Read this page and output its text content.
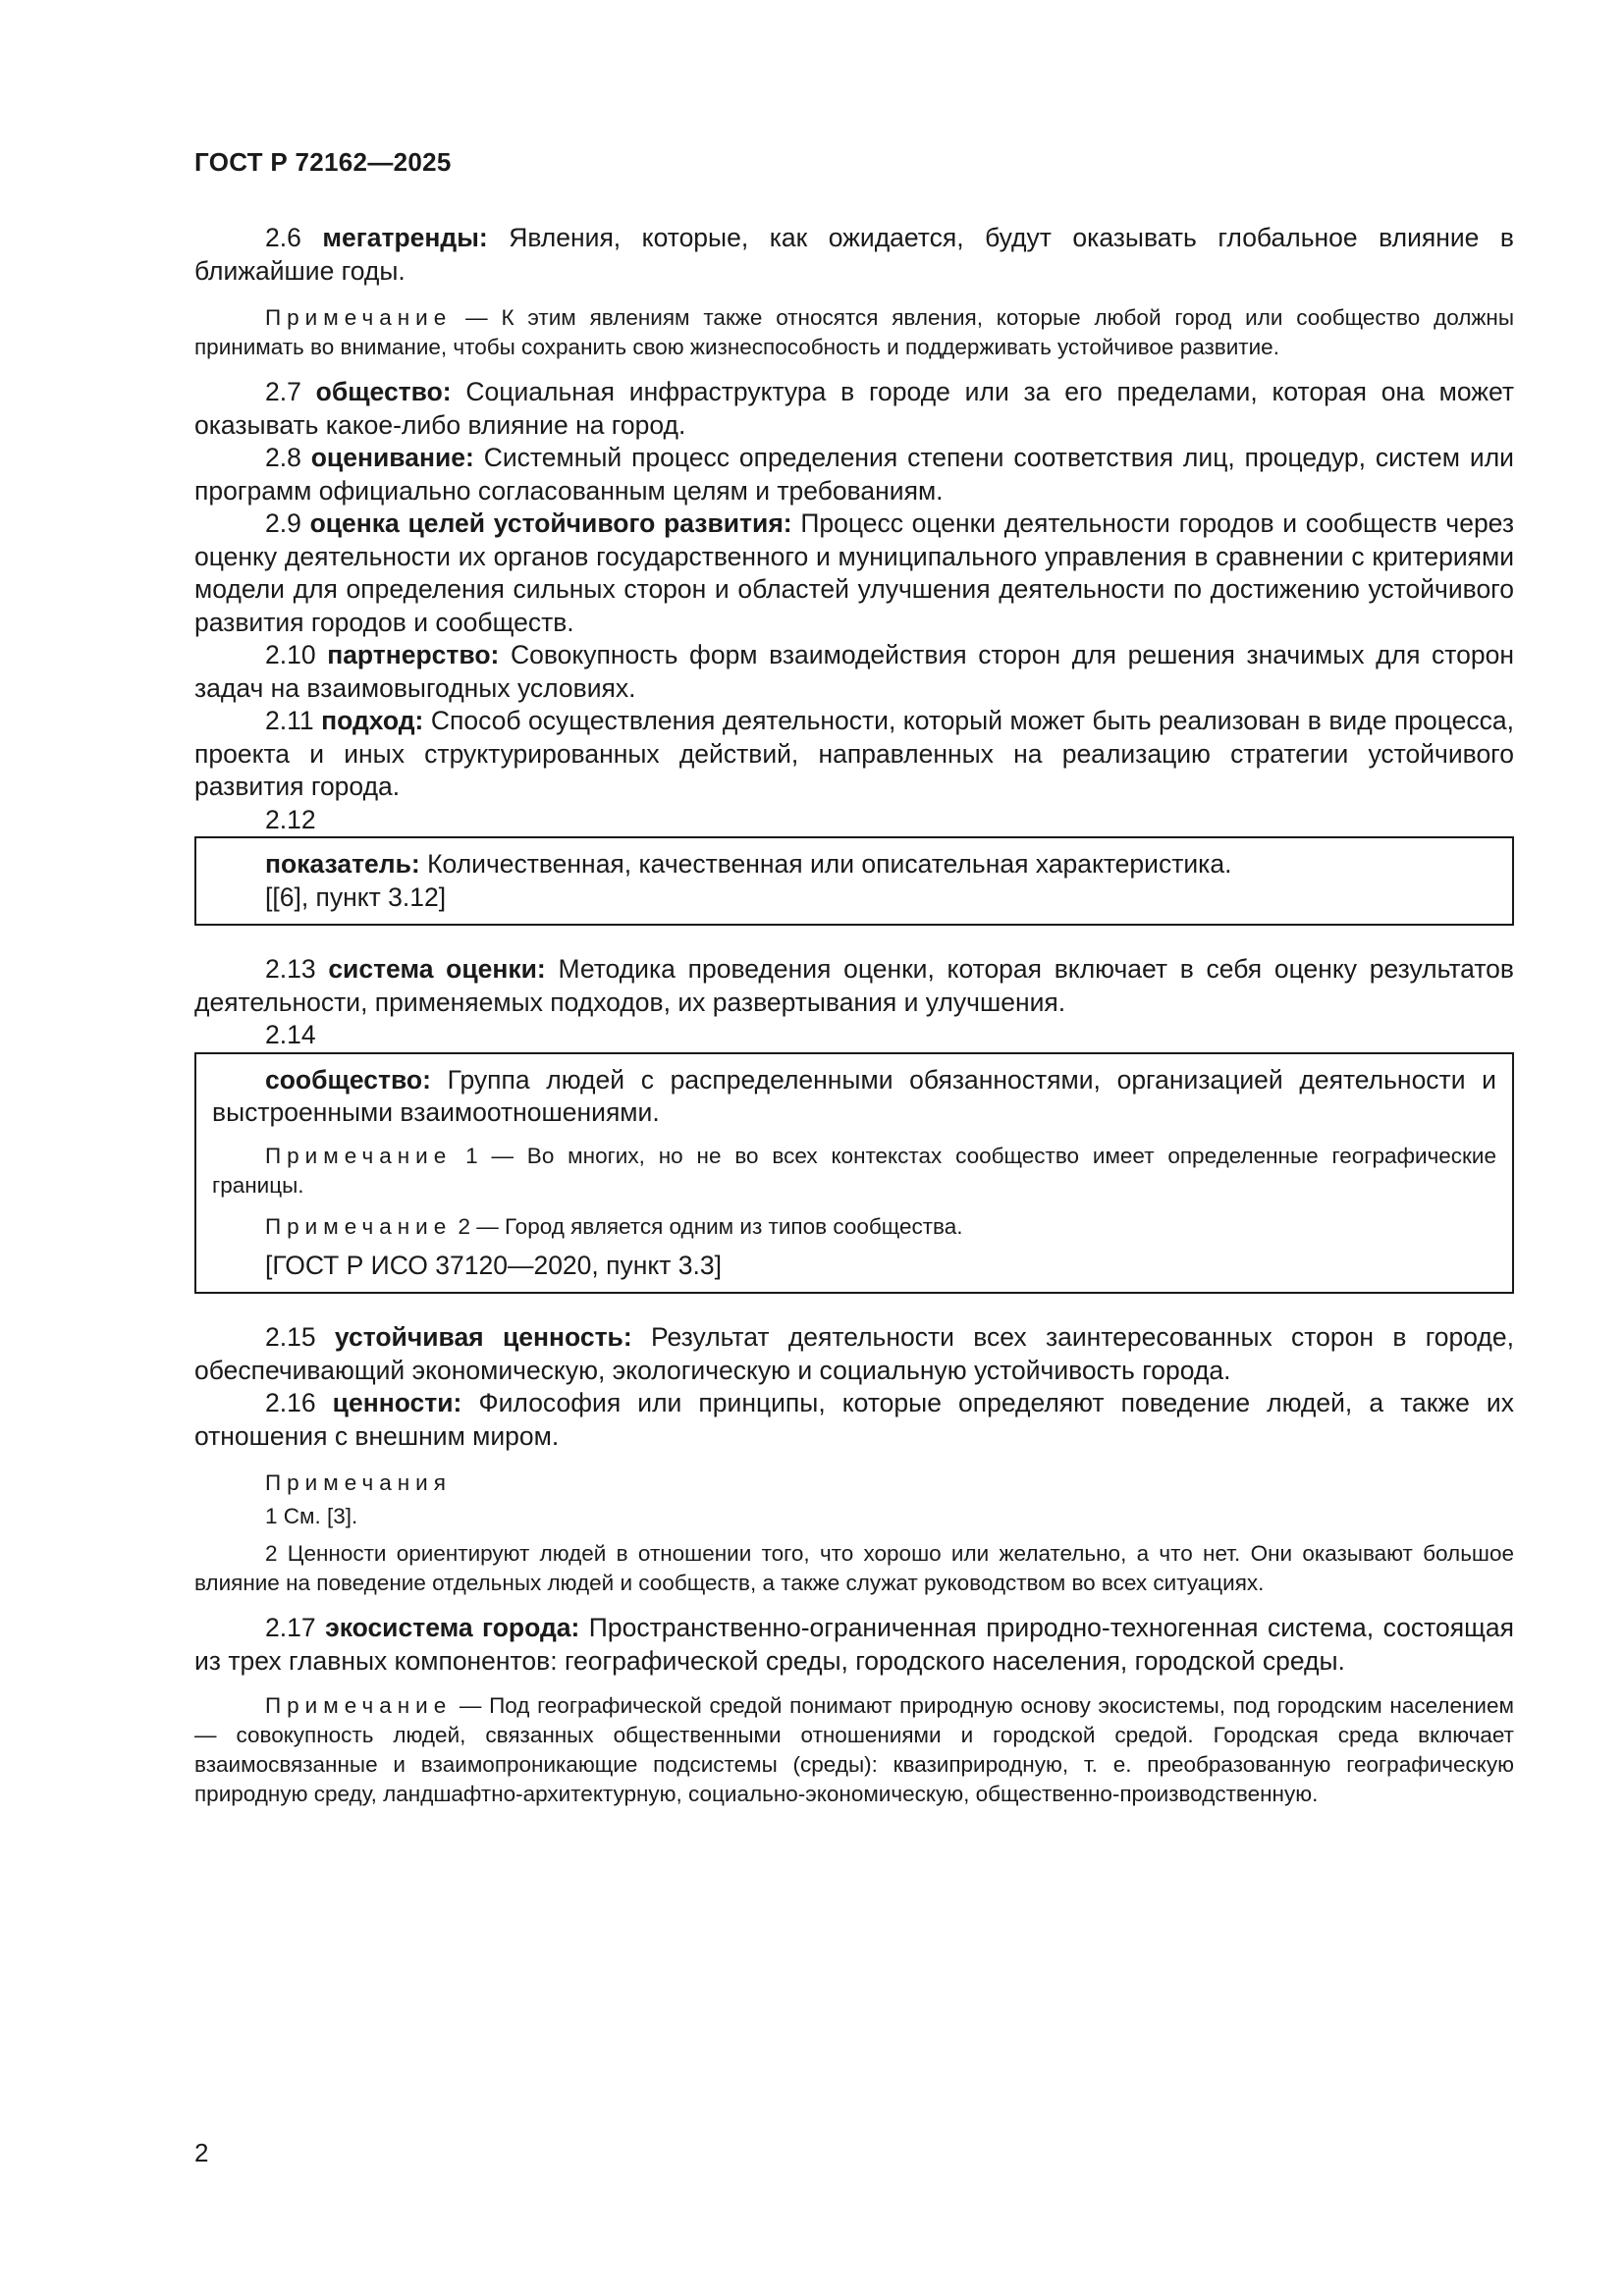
ГОСТ Р 72162—2025

2.6 мегатренды: Явления, которые, как ожидается, будут оказывать глобальное влияние в ближайшие годы.

Примечание — К этим явлениям также относятся явления, которые любой город или сообщество должны принимать во внимание, чтобы сохранить свою жизнеспособность и поддерживать устойчивое развитие.

2.7 общество: Социальная инфраструктура в городе или за его пределами, которая она может оказывать какое-либо влияние на город.

2.8 оценивание: Системный процесс определения степени соответствия лиц, процедур, систем или программ официально согласованным целям и требованиям.

2.9 оценка целей устойчивого развития: Процесс оценки деятельности городов и сообществ через оценку деятельности их органов государственного и муниципального управления в сравнении с критериями модели для определения сильных сторон и областей улучшения деятельности по достижению устойчивого развития городов и сообществ.

2.10 партнерство: Совокупность форм взаимодействия сторон для решения значимых для сторон задач на взаимовыгодных условиях.

2.11 подход: Способ осуществления деятельности, который может быть реализован в виде процесса, проекта и иных структурированных действий, направленных на реализацию стратегии устойчивого развития города.

2.12

показатель: Количественная, качественная или описательная характеристика.

[[6], пункт 3.12]

2.13 система оценки: Методика проведения оценки, которая включает в себя оценку результатов деятельности, применяемых подходов, их развертывания и улучшения.

2.14

сообщество: Группа людей с распределенными обязанностями, организацией деятельности и выстроенными взаимоотношениями.

Примечание 1 — Во многих, но не во всех контекстах сообщество имеет определенные географические границы.

Примечание 2 — Город является одним из типов сообщества.

[ГОСТ Р ИСО 37120—2020, пункт 3.3]

2.15 устойчивая ценность: Результат деятельности всех заинтересованных сторон в городе, обеспечивающий экономическую, экологическую и социальную устойчивость города.

2.16 ценности: Философия или принципы, которые определяют поведение людей, а также их отношения с внешним миром.

Примечания
1 См. [3].

2 Ценности ориентируют людей в отношении того, что хорошо или желательно, а что нет. Они оказывают большое влияние на поведение отдельных людей и сообществ, а также служат руководством во всех ситуациях.

2.17 экосистема города: Пространственно-ограниченная природно-техногенная система, состоящая из трех главных компонентов: географической среды, городского населения, городской среды.

Примечание — Под географической средой понимают природную основу экосистемы, под городским населением — совокупность людей, связанных общественными отношениями и городской средой. Городская среда включает взаимосвязанные и взаимопроникающие подсистемы (среды): квазиприродную, т. е. преобразованную географическую природную среду, ландшафтно-архитектурную, социально-экономическую, общественно-производственную.

2
